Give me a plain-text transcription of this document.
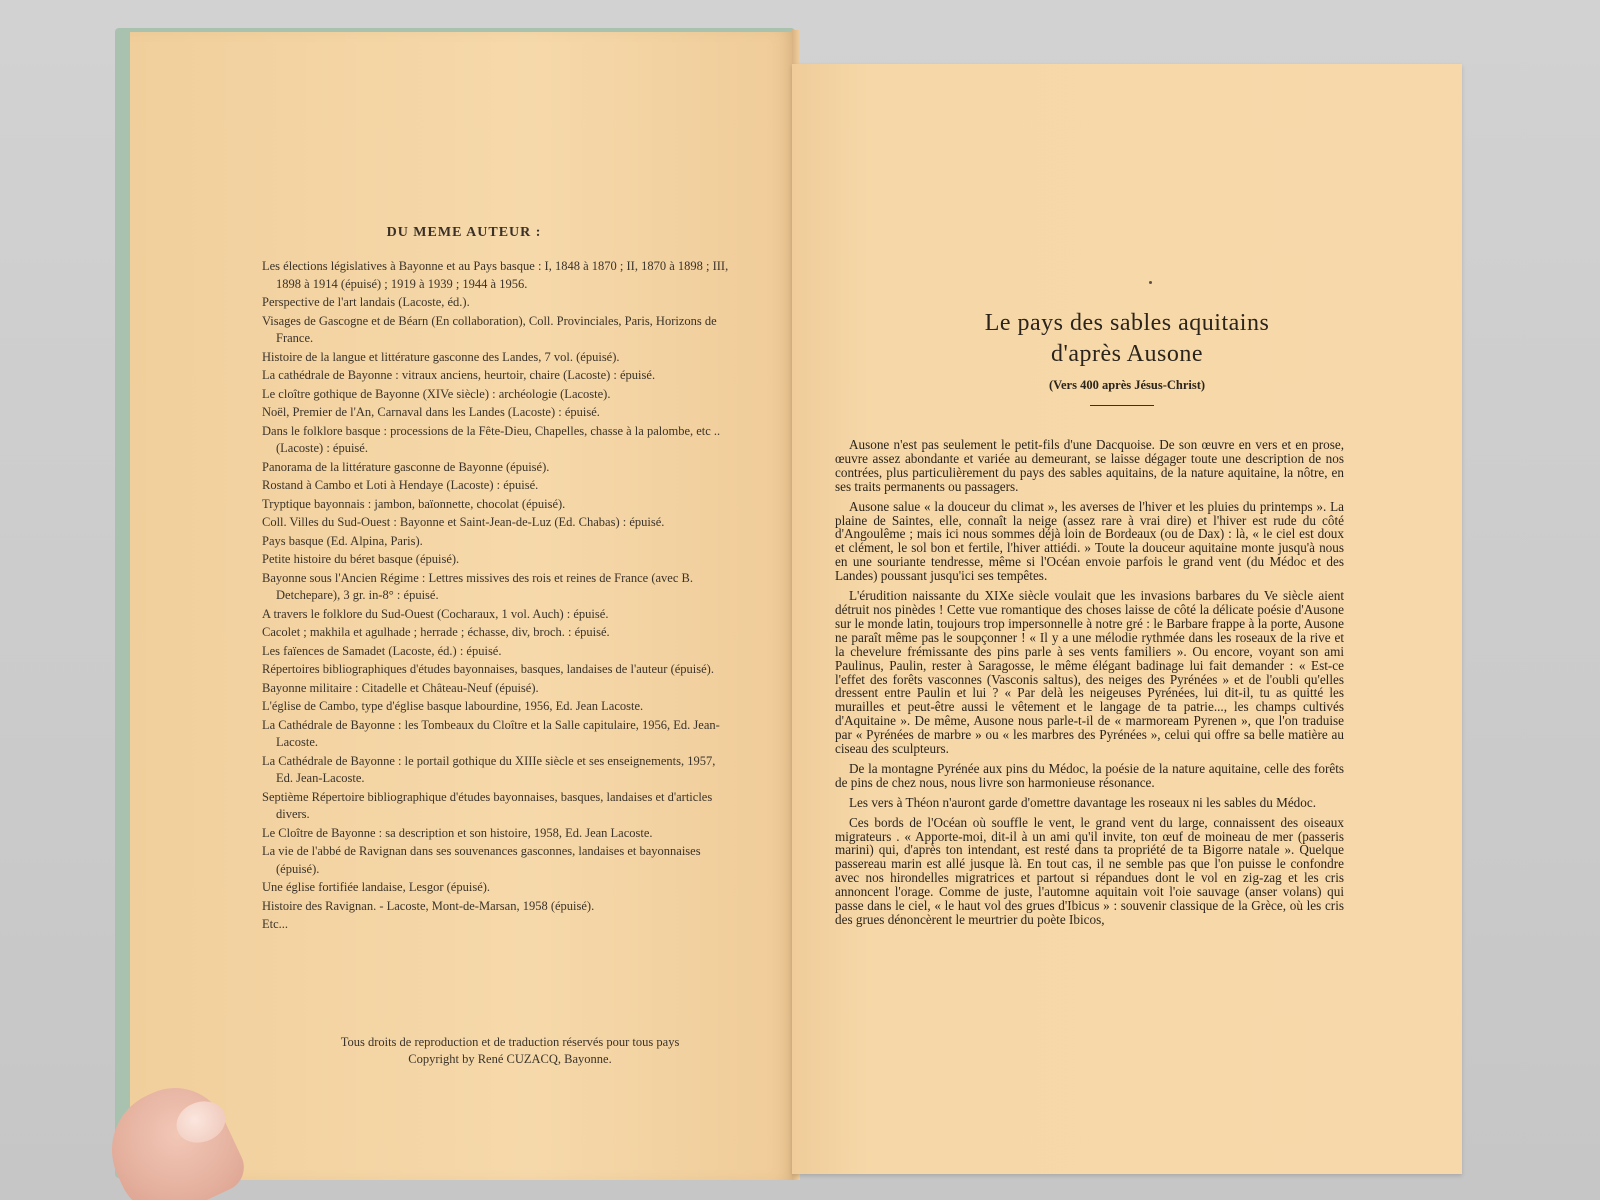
DU MEME AUTEUR :
Les élections législatives à Bayonne et au Pays basque : I, 1848 à 1870 ; II, 1870 à 1898 ; III, 1898 à 1914 (épuisé) ; 1919 à 1939 ; 1944 à 1956.
Perspective de l'art landais (Lacoste, éd.).
Visages de Gascogne et de Béarn (En collaboration), Coll. Provinciales, Paris, Horizons de France.
Histoire de la langue et littérature gasconne des Landes, 7 vol. (épuisé).
La cathédrale de Bayonne : vitraux anciens, heurtoir, chaire (Lacoste) : épuisé.
Le cloître gothique de Bayonne (XIVe siècle) : archéologie (Lacoste).
Noël, Premier de l'An, Carnaval dans les Landes (Lacoste) : épuisé.
Dans le folklore basque : processions de la Fête-Dieu, Chapelles, chasse à la palombe, etc .. (Lacoste) : épuisé.
Panorama de la littérature gasconne de Bayonne (épuisé).
Rostand à Cambo et Loti à Hendaye (Lacoste) : épuisé.
Tryptique bayonnais : jambon, baïonnette, chocolat (épuisé).
Coll. Villes du Sud-Ouest : Bayonne et Saint-Jean-de-Luz (Ed. Chabas) : épuisé.
Pays basque (Ed. Alpina, Paris).
Petite histoire du béret basque (épuisé).
Bayonne sous l'Ancien Régime : Lettres missives des rois et reines de France (avec B. Detchepare), 3 gr. in-8° : épuisé.
A travers le folklore du Sud-Ouest (Cocharaux, 1 vol. Auch) : épuisé.
Cacolet ; makhila et agulhade ; herrade ; échasse, div, broch. : épuisé.
Les faïences de Samadet (Lacoste, éd.) : épuisé.
Répertoires bibliographiques d'études bayonnaises, basques, landaises de l'auteur (épuisé).
Bayonne militaire : Citadelle et Château-Neuf (épuisé).
L'église de Cambo, type d'église basque labourdine, 1956, Ed. Jean Lacoste.
La Cathédrale de Bayonne : les Tombeaux du Cloître et la Salle capitulaire, 1956, Ed. Jean-Lacoste.
La Cathédrale de Bayonne : le portail gothique du XIIIe siècle et ses enseignements, 1957, Ed. Jean-Lacoste.
Septième Répertoire bibliographique d'études bayonnaises, basques, landaises et d'articles divers.
Le Cloître de Bayonne : sa description et son histoire, 1958, Ed. Jean Lacoste.
La vie de l'abbé de Ravignan dans ses souvenances gasconnes, landaises et bayonnaises (épuisé).
Une église fortifiée landaise, Lesgor (épuisé).
Histoire des Ravignan. - Lacoste, Mont-de-Marsan, 1958 (épuisé).
Etc...
Tous droits de reproduction et de traduction réservés pour tous pays
Copyright by René CUZACQ, Bayonne.
Le pays des sables aquitains
d'après Ausone
(Vers 400 après Jésus-Christ)

Ausone n'est pas seulement le petit-fils d'une Dacquoise. De son œuvre en vers et en prose, œuvre assez abondante et variée au demeurant, se laisse dégager toute une description de nos contrées, plus particulièrement du pays des sables aquitains, de la nature aquitaine, la nôtre, en ses traits permanents ou passagers.

Ausone salue « la douceur du climat », les averses de l'hiver et les pluies du printemps ». La plaine de Saintes, elle, connaît la neige (assez rare à vrai dire) et l'hiver est rude du côté d'Angoulême ; mais ici nous sommes déjà loin de Bordeaux (ou de Dax) : là, « le ciel est doux et clément, le sol bon et fertile, l'hiver attiédi. » Toute la douceur aquitaine monte jusqu'à nous en une souriante tendresse, même si l'Océan envoie parfois le grand vent (du Médoc et des Landes) poussant jusqu'ici ses tempêtes.

L'érudition naissante du XIXe siècle voulait que les invasions barbares du Ve siècle aient détruit nos pinèdes ! Cette vue romantique des choses laisse de côté la délicate poésie d'Ausone sur le monde latin, toujours trop impersonnelle à notre gré : le Barbare frappe à la porte, Ausone ne paraît même pas le soupçonner ! « Il y a une mélodie rythmée dans les roseaux de la rive et la chevelure frémissante des pins parle à ses vents familiers ». Ou encore, voyant son ami Paulinus, Paulin, rester à Saragosse, le même élégant badinage lui fait demander : « Est-ce l'effet des forêts vasconnes (Vasconis saltus), des neiges des Pyrénées » et de l'oubli qu'elles dressent entre Paulin et lui ? « Par delà les neigeuses Pyrénées, lui dit-il, tu as quitté les murailles et peut-être aussi le vêtement et le langage de ta patrie..., les champs cultivés d'Aquitaine ». De même, Ausone nous parle-t-il de « marmoream Pyrenen », que l'on traduise par « Pyrénées de marbre » ou « les marbres des Pyrénées », celui qui offre sa belle matière au ciseau des sculpteurs.

De la montagne Pyrénée aux pins du Médoc, la poésie de la nature aquitaine, celle des forêts de pins de chez nous, nous livre son harmonieuse résonance.

Les vers à Théon n'auront garde d'omettre davantage les roseaux ni les sables du Médoc.

Ces bords de l'Océan où souffle le vent, le grand vent du large, connaissent des oiseaux migrateurs . « Apporte-moi, dit-il à un ami qu'il invite, ton œuf de moineau de mer (passeris marini) qui, d'après ton intendant, est resté dans ta propriété de ta Bigorre natale ». Quelque passereau marin est allé jusque là. En tout cas, il ne semble pas que l'on puisse le confondre avec nos hirondelles migratrices et partout si répandues dont le vol en zig-zag et les cris annoncent l'orage. Comme de juste, l'automne aquitain voit l'oie sauvage (anser volans) qui passe dans le ciel, « le haut vol des grues d'Ibicus » : souvenir classique de la Grèce, où les cris des grues dénoncèrent le meurtrier du poète Ibicos,
